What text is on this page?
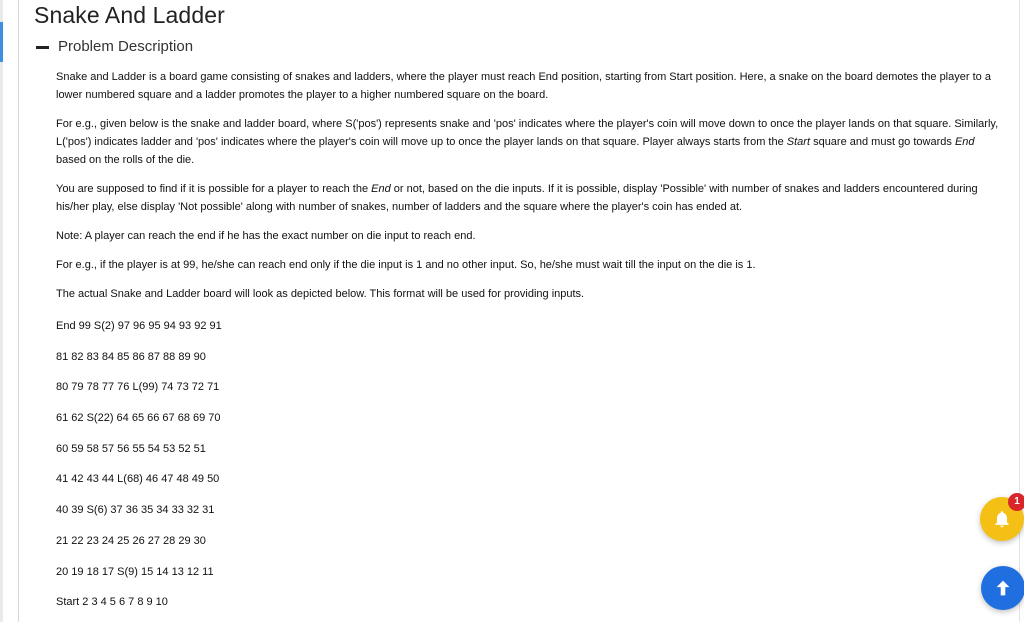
Snake And Ladder
Problem Description

Snake and Ladder is a board game consisting of snakes and ladders, where the player must reach End position, starting from Start position. Here, a snake on the board demotes the player to a lower numbered square and a ladder promotes the player to a higher numbered square on the board.

For e.g., given below is the snake and ladder board, where S('pos') represents snake and 'pos' indicates where the player's coin will move down to once the player lands on that square. Similarly, L('pos') indicates ladder and 'pos' indicates where the player's coin will move up to once the player lands on that square. Player always starts from the Start square and must go towards End based on the rolls of the die.

You are supposed to find if it is possible for a player to reach the End or not, based on the die inputs. If it is possible, display 'Possible' with number of snakes and ladders encountered during his/her play, else display 'Not possible' along with number of snakes, number of ladders and the square where the player's coin has ended at.

Note: A player can reach the end if he has the exact number on die input to reach end.

For e.g., if the player is at 99, he/she can reach end only if the die input is 1 and no other input. So, he/she must wait till the input on the die is 1.

The actual Snake and Ladder board will look as depicted below. This format will be used for providing inputs.

End 99 S(2) 97 96 95 94 93 92 91
81 82 83 84 85 86 87 88 89 90
80 79 78 77 76 L(99) 74 73 72 71
61 62 S(22) 64 65 66 67 68 69 70
60 59 58 57 56 55 54 53 52 51
41 42 43 44 L(68) 46 47 48 49 50
40 39 S(6) 37 36 35 34 33 32 31
21 22 23 24 25 26 27 28 29 30
20 19 18 17 S(9) 15 14 13 12 11
Start 2 3 4 5 6 7 8 9 10
1
